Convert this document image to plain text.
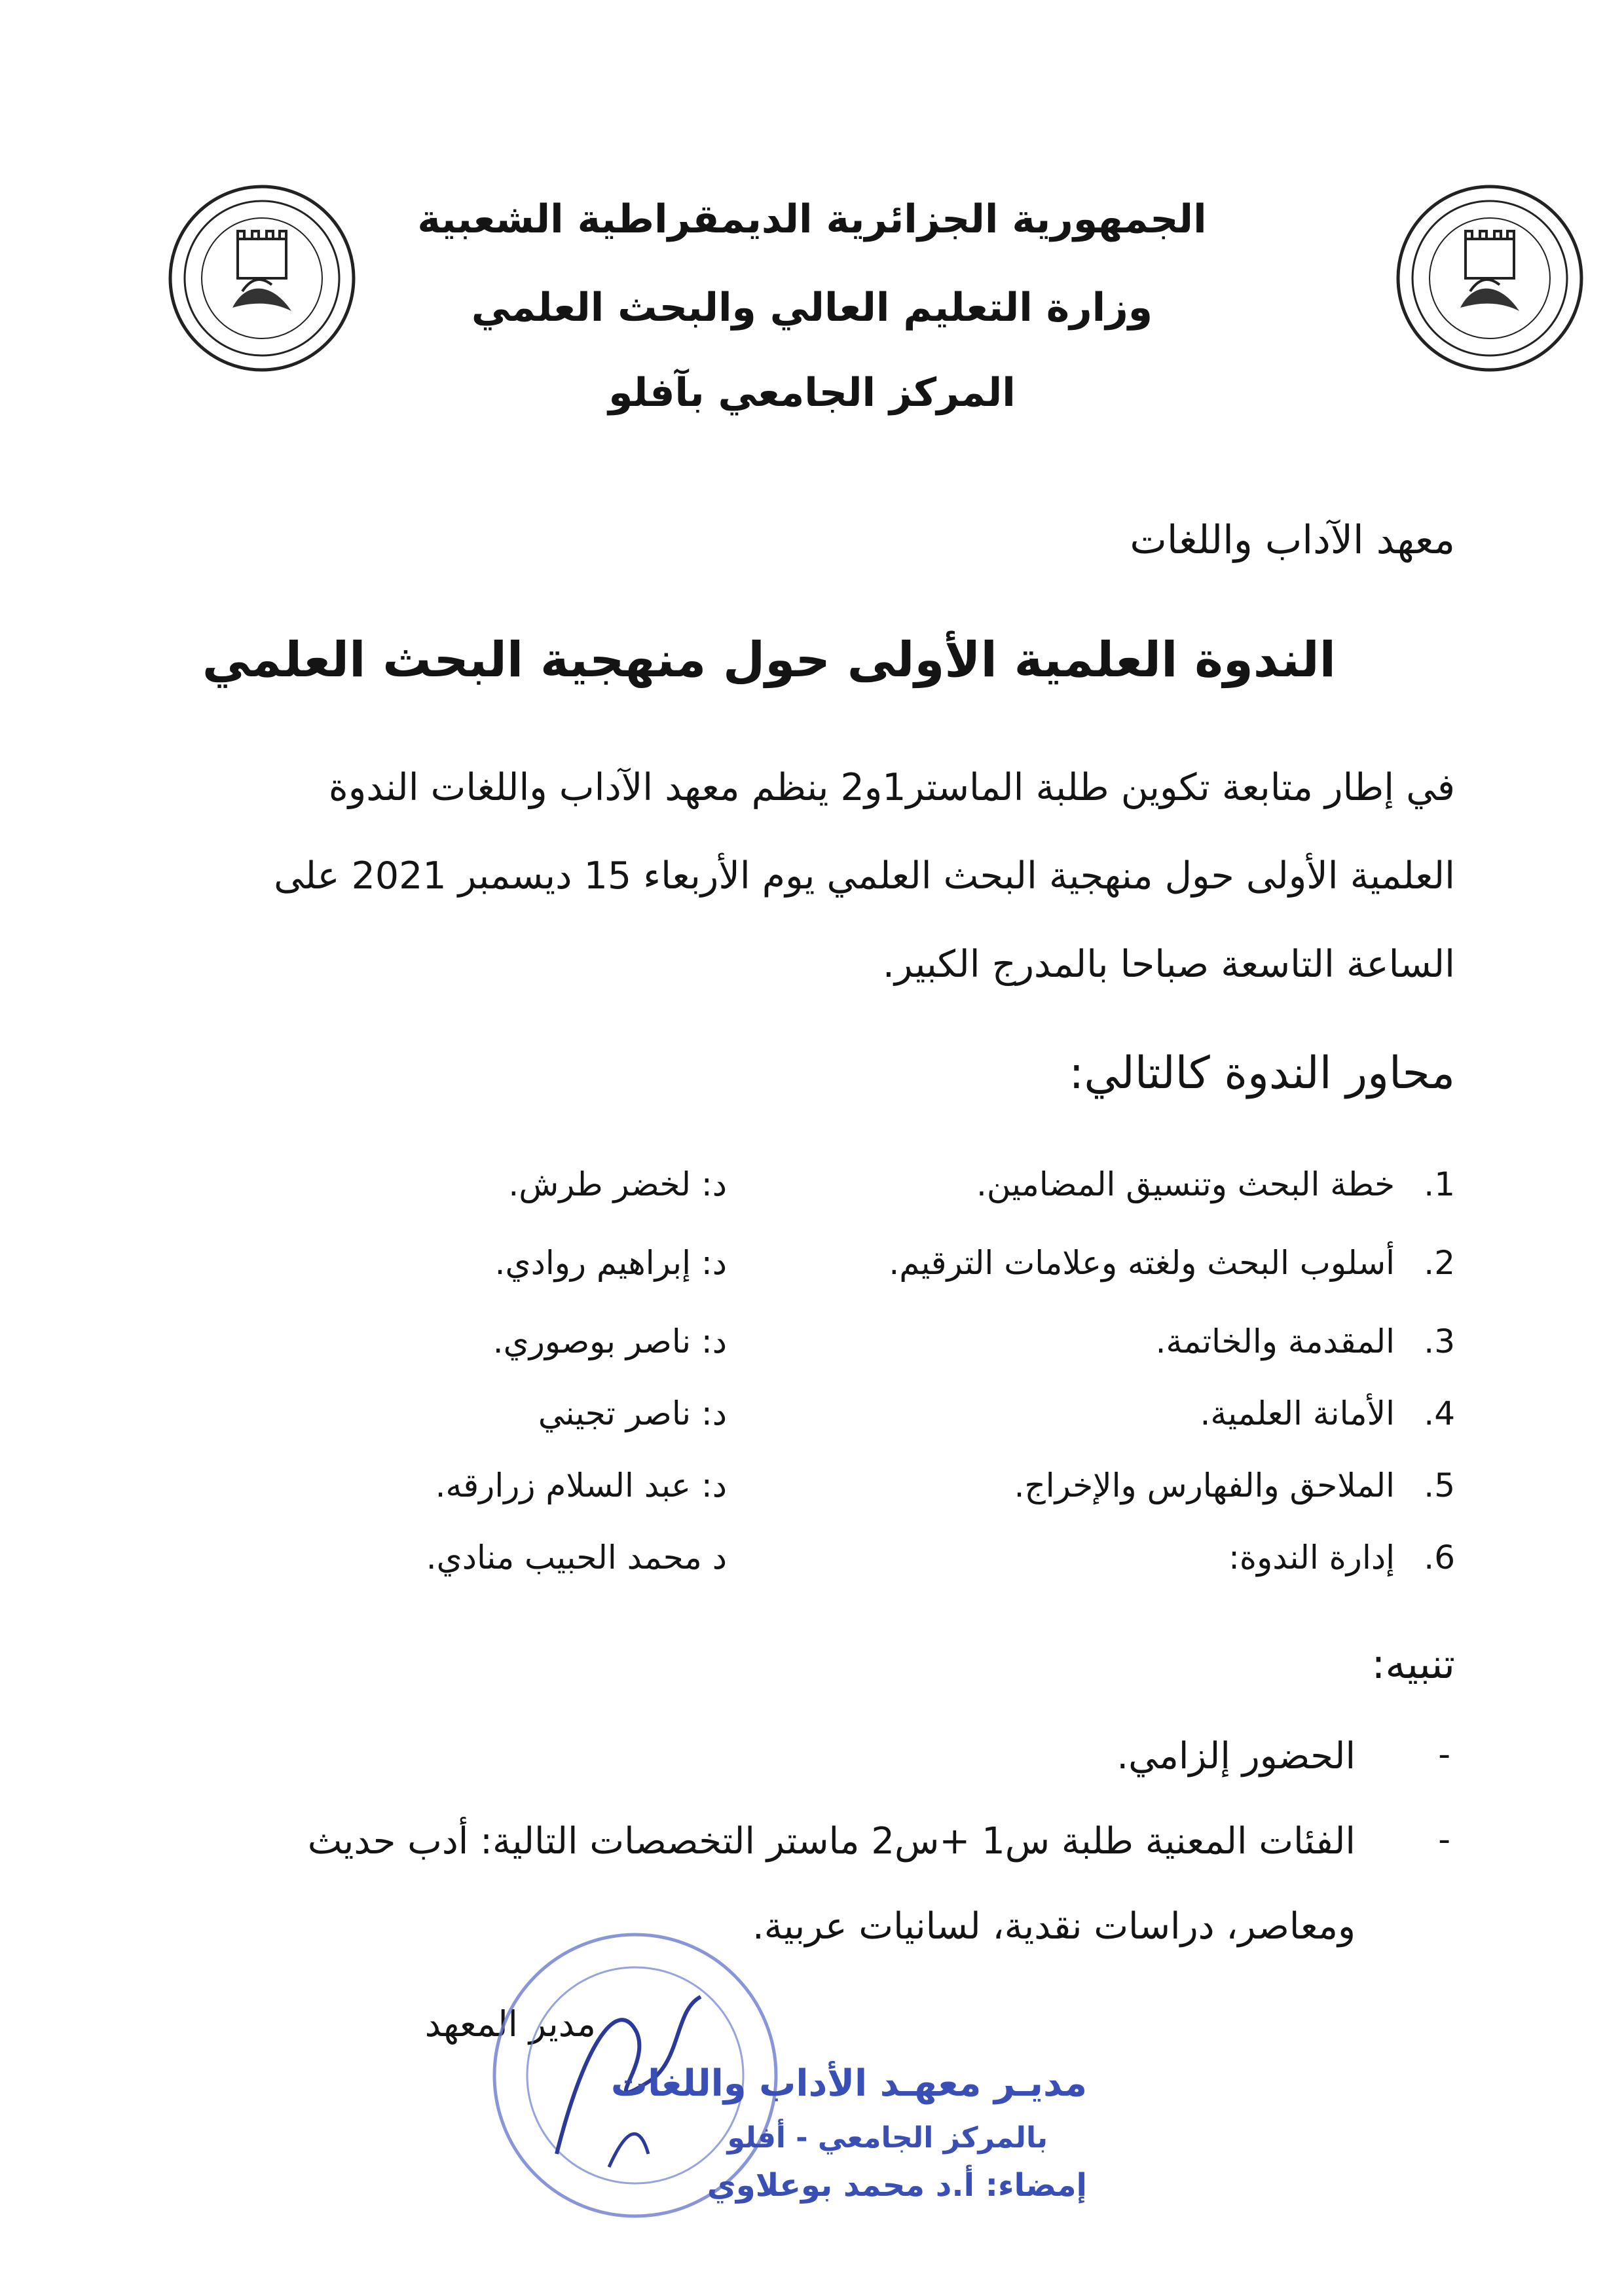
الجمهورية الجزائرية الديمقراطية الشعبية
وزارة التعليم العالي والبحث العلمي
المركز الجامعي بآفلو
معهد الآداب واللغات
الندوة العلمية الأولى حول منهجية البحث العلمي
في إطار متابعة تكوين طلبة الماستر1و2 ينظم معهد الآداب واللغات الندوة
العلمية الأولى حول منهجية البحث العلمي يوم الأربعاء 15 ديسمبر 2021 على
الساعة التاسعة صباحا بالمدرج الكبير.
محاور الندوة كالتالي:
1.
خطة البحث وتنسيق المضامين.
د: لخضر طرش.
2.
أسلوب البحث ولغته وعلامات الترقيم.
د: إبراهيم روادي.
3.
المقدمة والخاتمة.
د: ناصر بوصوري.
4.
الأمانة العلمية.
د: ناصر تجيني
5.
الملاحق والفهارس والإخراج.
د: عبد السلام زرارقه.
6.
إدارة الندوة:
د محمد الحبيب منادي.
تنبيه:
-
الحضور إلزامي.
-
الفئات المعنية طلبة س1 +س2 ماستر التخصصات التالية: أدب حديث
ومعاصر، دراسات نقدية، لسانيات عربية.
مدير المعهد
مديـر معهـد الأداب واللغات
بالمركز الجامعي - أفلو
إمضاء: أ.د محمد بوعلاوي
